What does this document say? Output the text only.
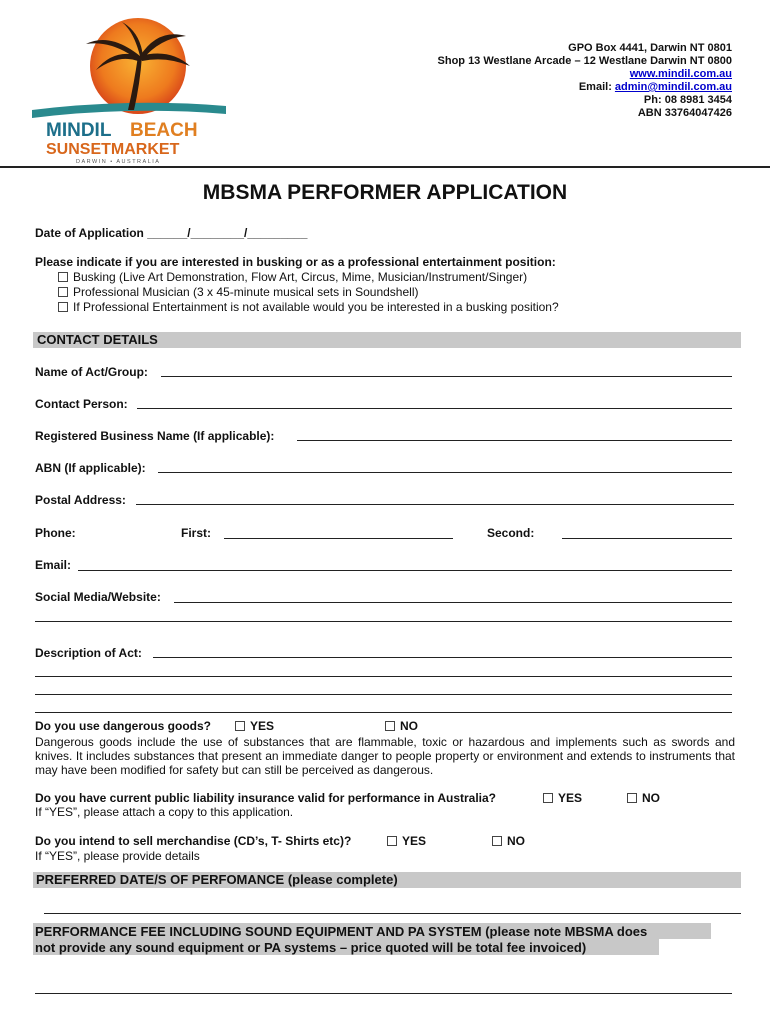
MINDIL BEACH
SUNSETMARKET
DARWIN • AUSTRALIA
GPO Box 4441, Darwin NT 0801
Shop 13 Westlane Arcade – 12 Westlane Darwin NT 0800
www.mindil.com.au
Email: admin@mindil.com.au
Ph: 08 8981 3454
ABN 33764047426
MBSMA PERFORMER APPLICATION
Date of Application ______/________/_________
Please indicate if you are interested in busking or as a professional entertainment position:
Busking (Live Art Demonstration, Flow Art, Circus, Mime, Musician/Instrument/Singer)
Professional Musician (3 x 45-minute musical sets in Soundshell)
If Professional Entertainment is not available would you be interested in a busking position?
CONTACT DETAILS
Name of Act/Group:
Contact Person:
Registered Business Name (If applicable):
ABN (If applicable):
Postal Address:
Phone:	First:	Second:
Email:
Social Media/Website:
Description of Act:
Do you use dangerous goods?	YES	NO
Dangerous goods include the use of substances that are flammable, toxic or hazardous and implements such as swords and knives. It includes substances that present an immediate danger to people property or environment and extends to instruments that may have been modified for safety but can still be perceived as dangerous.
Do you have current public liability insurance valid for performance in Australia?	YES	NO
If “YES”, please attach a copy to this application.
Do you intend to sell merchandise (CD’s, T- Shirts etc)?	YES	NO
If “YES”, please provide details
PREFERRED DATE/S OF PERFOMANCE (please complete)
PERFORMANCE FEE INCLUDING SOUND EQUIPMENT AND PA SYSTEM (please note MBSMA does
not provide any sound equipment or PA systems – price quoted will be total fee invoiced)
